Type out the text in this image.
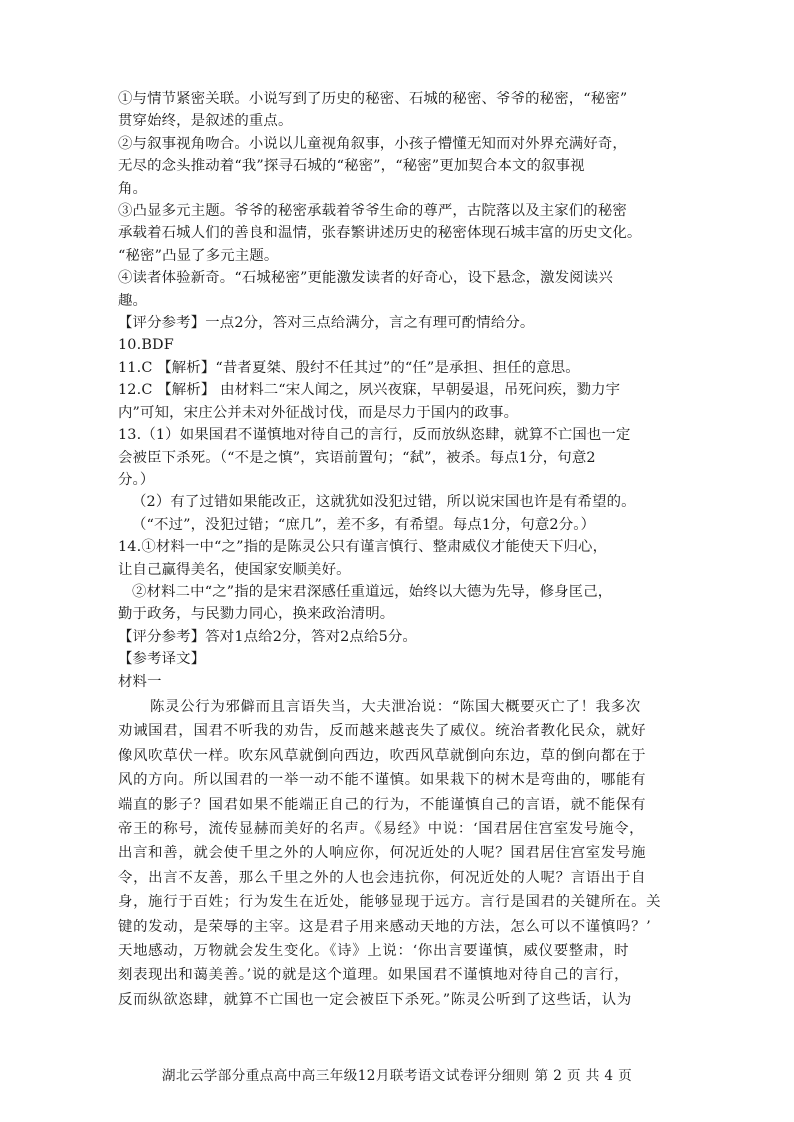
①与情节紧密关联。小说写到了历史的秘密、石城的秘密、爷爷的秘密，“秘密”
贯穿始终，是叙述的重点。
②与叙事视角吻合。小说以儿童视角叙事，小孩子懵懂无知而对外界充满好奇，
无尽的念头推动着“我”探寻石城的“秘密”，“秘密”更加契合本文的叙事视
角。
③凸显多元主题。爷爷的秘密承载着爷爷生命的尊严，古院落以及主家们的秘密
承载着石城人们的善良和温情，张春繁讲述历史的秘密体现石城丰富的历史文化。
“秘密”凸显了多元主题。
④读者体验新奇。“石城秘密”更能激发读者的好奇心，设下悬念，激发阅读兴
趣。
【评分参考】一点2分，答对三点给满分，言之有理可酌情给分。
10.BDF
11.C 【解析】“昔者夏桀、殷纣不任其过”的“任”是承担、担任的意思。
12.C 【解析】 由材料二“宋人闻之，夙兴夜寐，早朝晏退，吊死问疾，勠力宇
内”可知，宋庄公并未对外征战讨伐，而是尽力于国内的政事。
13.（1）如果国君不谨慎地对待自己的言行，反而放纵恣肆，就算不亡国也一定
会被臣下杀死。（“不是之慎”，宾语前置句；“弑”，被杀。每点1分，句意2
分。）
（2）有了过错如果能改正，这就犹如没犯过错，所以说宋国也许是有希望的。
（“不过”，没犯过错；“庶几”，差不多，有希望。每点1分，句意2分。）
14.①材料一中“之”指的是陈灵公只有谨言慎行、整肃威仪才能使天下归心，
让自己赢得美名，使国家安顺美好。
②材料二中“之”指的是宋君深感任重道远，始终以大德为先导，修身匡己，
勤于政务，与民勠力同心，换来政治清明。
【评分参考】答对1点给2分，答对2点给5分。
【参考译文】
材料一
陈灵公行为邪僻而且言语失当，大夫泄冶说：“陈国大概要灭亡了！我多次
劝诫国君，国君不听我的劝告，反而越来越丧失了威仪。统治者教化民众，就好
像风吹草伏一样。吹东风草就倒向西边，吹西风草就倒向东边，草的倒向都在于
风的方向。所以国君的一举一动不能不谨慎。如果栽下的树木是弯曲的，哪能有
端直的影子？国君如果不能端正自己的行为，不能谨慎自己的言语，就不能保有
帝王的称号，流传显赫而美好的名声。《易经》中说：‘国君居住宫室发号施令，
出言和善，就会使千里之外的人响应你，何况近处的人呢？国君居住宫室发号施
令，出言不友善，那么千里之外的人也会违抗你，何况近处的人呢？言语出于自
身，施行于百姓；行为发生在近处，能够显现于远方。言行是国君的关键所在。关
键的发动，是荣辱的主宰。这是君子用来感动天地的方法，怎么可以不谨慎吗？’
天地感动，万物就会发生变化。《诗》上说：‘你出言要谨慎，威仪要整肃，时
刻表现出和蔼美善。’说的就是这个道理。如果国君不谨慎地对待自己的言行，
反而纵欲恣肆，就算不亡国也一定会被臣下杀死。”陈灵公听到了这些话，认为
湖北云学部分重点高中高三年级12月联考语文试卷评分细则 第 2 页 共 4 页
